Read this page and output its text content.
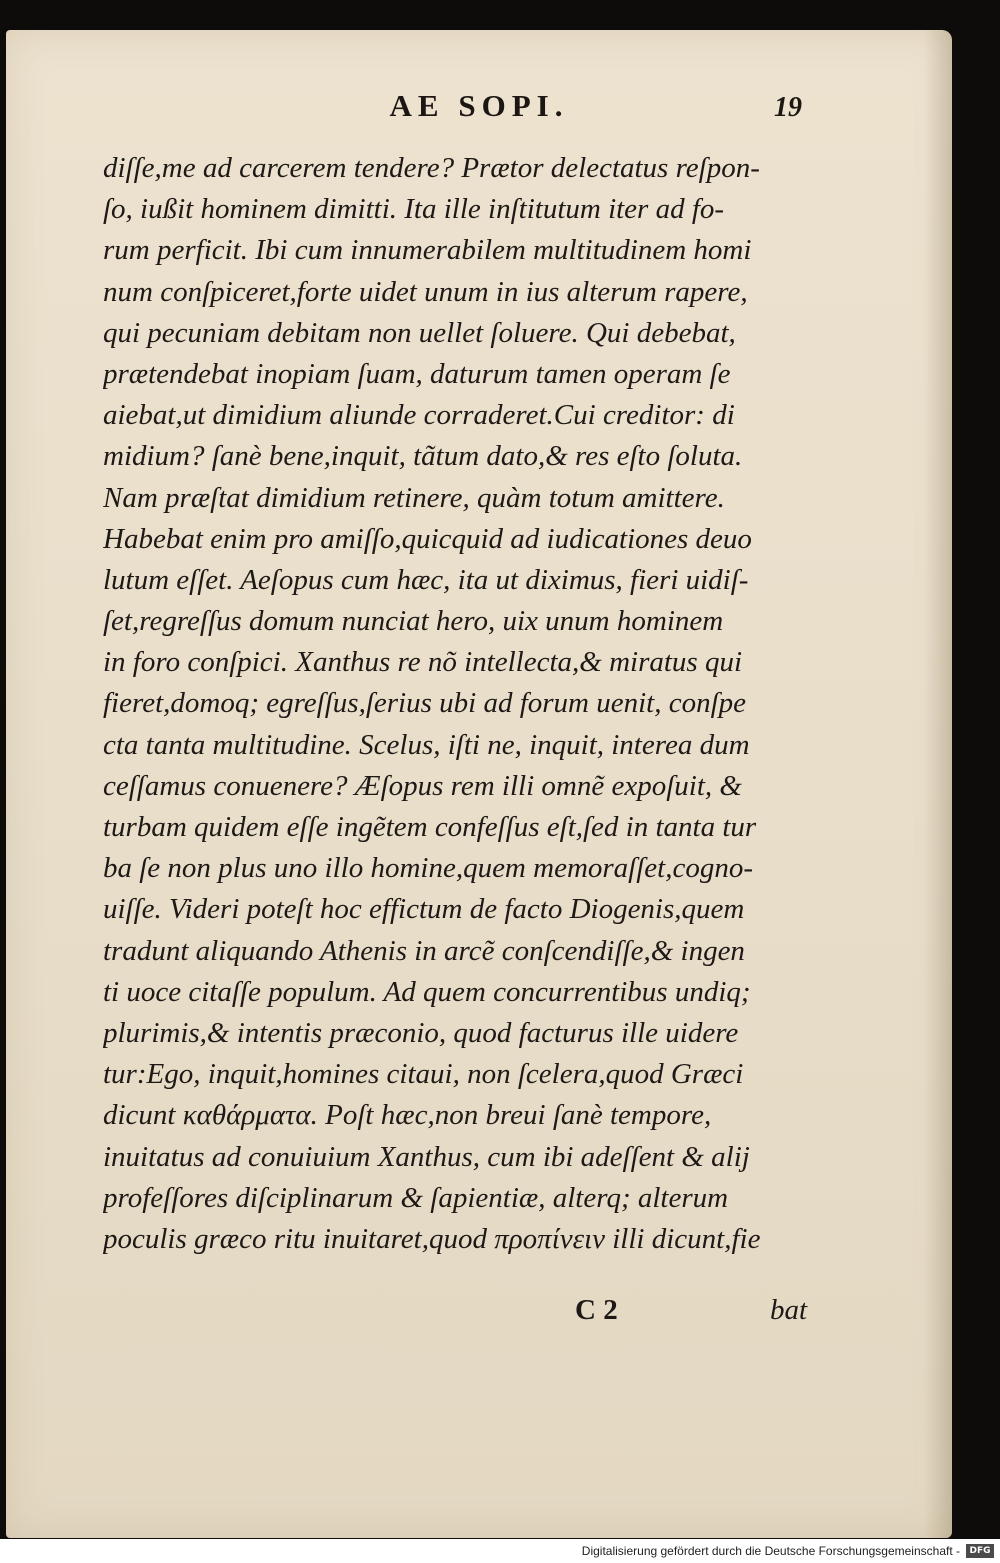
AE SOPI.	19
diſſe,me ad carcerem tendere? Prætor delectatus reſpon-
ſo, iußit hominem dimitti. Ita ille inſtitutum iter ad fo-
rum perficit. Ibi cum innumerabilem multitudinem homi
num conſpiceret,forte uidet unum in ius alterum rapere,
qui pecuniam debitam non uellet ſoluere. Qui debebat,
prætendebat inopiam ſuam, daturum tamen operam ſe
aiebat,ut dimidium aliunde corraderet.Cui creditor: di
midium? ſanè bene,inquit, tãtum dato,& res eſto ſoluta.
Nam præſtat dimidium retinere, quàm totum amittere.
Habebat enim pro amiſſo,quicquid ad iudicationes deuo
lutum eſſet. Aeſopus cum hæc, ita ut diximus, fieri uidiſ-
ſet,regreſſus domum nunciat hero, uix unum hominem
in foro conſpici. Xanthus re nõ intellecta,& miratus qui
fieret,domoq; egreſſus,ſerius ubi ad forum uenit, conſpe
cta tanta multitudine. Scelus, iſti ne, inquit, interea dum
ceſſamus conuenere? Æſopus rem illi omnẽ expoſuit, &
turbam quidem eſſe ingẽtem confeſſus eſt,ſed in tanta tur
ba ſe non plus uno illo homine,quem memoraſſet,cogno-
uiſſe. Videri poteſt hoc effictum de facto Diogenis,quem
tradunt aliquando Athenis in arcẽ conſcendiſſe,& ingen
ti uoce citaſſe populum. Ad quem concurrentibus undiq;
plurimis,& intentis præconio, quod facturus ille uidere
tur:Ego, inquit,homines citaui, non ſcelera,quod Græci
dicunt καθάρματα. Poſt hæc,non breui ſanè tempore,
inuitatus ad conuiuium Xanthus, cum ibi adeſſent & alij
profeſſores diſciplinarum & ſapientiæ, alterq; alterum
poculis græco ritu inuitaret,quod προπίνειν illi dicunt,fie
C 2	bat
Digitalisierung gefördert durch die Deutsche Forschungsgemeinschaft -	DFG
